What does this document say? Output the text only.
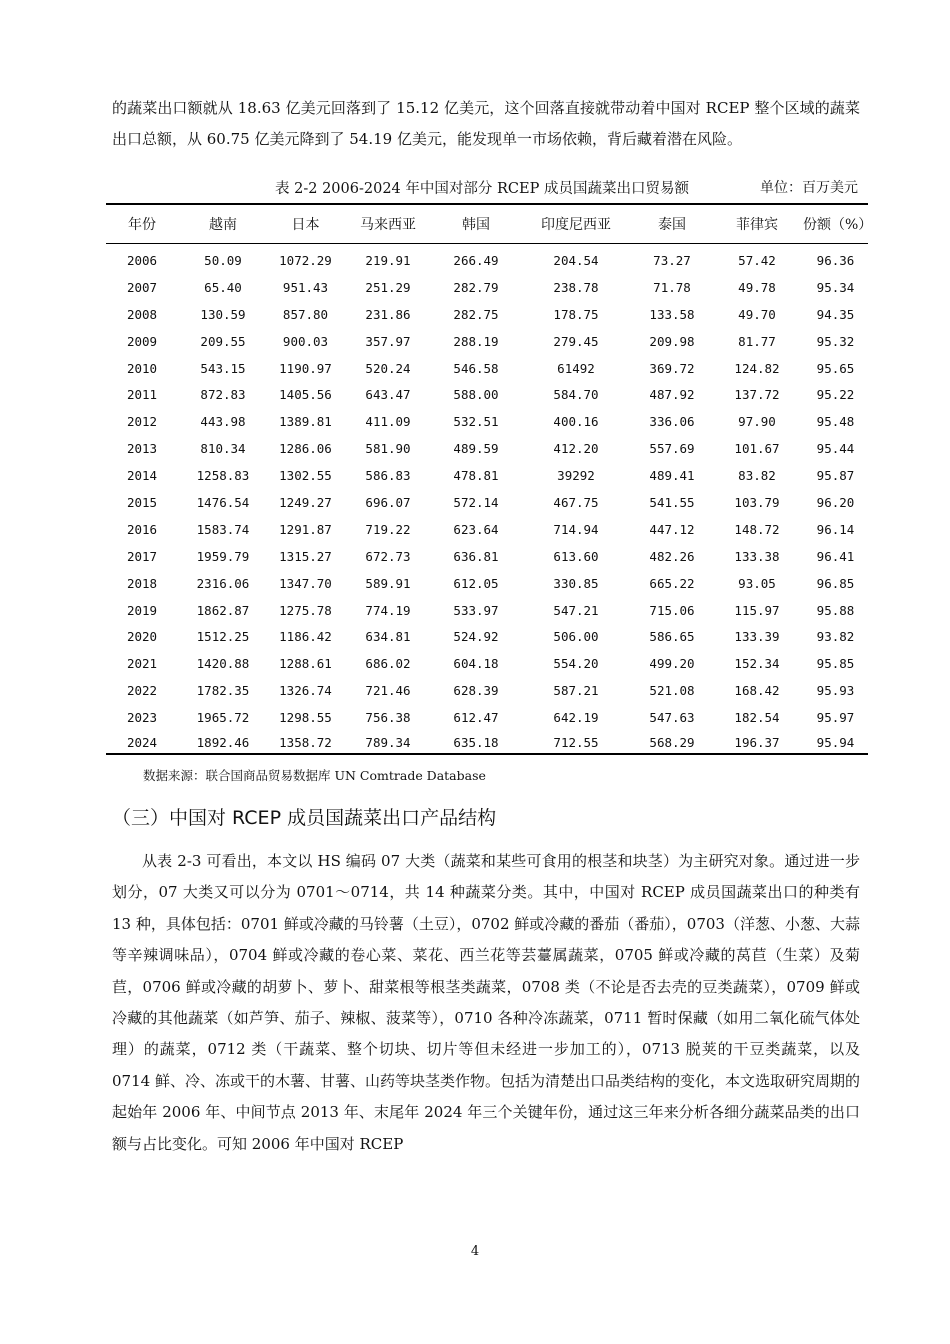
的蔬菜出口额就从 18.63 亿美元回落到了 15.12 亿美元，这个回落直接就带动着中国对 RCEP 整个区域的蔬菜出口总额，从 60.75 亿美元降到了 54.19 亿美元，能发现单一市场依赖，背后藏着潜在风险。

表 2-2 2006-2024 年中国对部分 RCEP 成员国蔬菜出口贸易额	单位：百万美元
年份	越南	日本	马来西亚	韩国	印度尼西亚	泰国	菲律宾	份额（%）
2006	50.09	1072.29	219.91	266.49	204.54	73.27	57.42	96.36
2007	65.40	951.43	251.29	282.79	238.78	71.78	49.78	95.34
2008	130.59	857.80	231.86	282.75	178.75	133.58	49.70	94.35
2009	209.55	900.03	357.97	288.19	279.45	209.98	81.77	95.32
2010	543.15	1190.97	520.24	546.58	61492	369.72	124.82	95.65
2011	872.83	1405.56	643.47	588.00	584.70	487.92	137.72	95.22
2012	443.98	1389.81	411.09	532.51	400.16	336.06	97.90	95.48
2013	810.34	1286.06	581.90	489.59	412.20	557.69	101.67	95.44
2014	1258.83	1302.55	586.83	478.81	39292	489.41	83.82	95.87
2015	1476.54	1249.27	696.07	572.14	467.75	541.55	103.79	96.20
2016	1583.74	1291.87	719.22	623.64	714.94	447.12	148.72	96.14
2017	1959.79	1315.27	672.73	636.81	613.60	482.26	133.38	96.41
2018	2316.06	1347.70	589.91	612.05	330.85	665.22	93.05	96.85
2019	1862.87	1275.78	774.19	533.97	547.21	715.06	115.97	95.88
2020	1512.25	1186.42	634.81	524.92	506.00	586.65	133.39	93.82
2021	1420.88	1288.61	686.02	604.18	554.20	499.20	152.34	95.85
2022	1782.35	1326.74	721.46	628.39	587.21	521.08	168.42	95.93
2023	1965.72	1298.55	756.38	612.47	642.19	547.63	182.54	95.97
2024	1892.46	1358.72	789.34	635.18	712.55	568.29	196.37	95.94
数据来源：联合国商品贸易数据库 UN Comtrade Database
（三）中国对 RCEP 成员国蔬菜出口产品结构

从表 2-3 可看出，本文以 HS 编码 07 大类（蔬菜和某些可食用的根茎和块茎）为主研究对象。通过进一步划分，07 大类又可以分为 0701～0714，共 14 种蔬菜分类。其中，中国对 RCEP 成员国蔬菜出口的种类有 13 种，具体包括：0701 鲜或冷藏的马铃薯（土豆），0702 鲜或冷藏的番茄（番茄），0703（洋葱、小葱、大蒜等辛辣调味品），0704 鲜或冷藏的卷心菜、菜花、西兰花等芸薹属蔬菜，0705 鲜或冷藏的莴苣（生菜）及菊苣，0706 鲜或冷藏的胡萝卜、萝卜、甜菜根等根茎类蔬菜，0708 类（不论是否去壳的豆类蔬菜），0709 鲜或冷藏的其他蔬菜（如芦笋、茄子、辣椒、菠菜等），0710 各种冷冻蔬菜，0711 暂时保藏（如用二氧化硫气体处理）的蔬菜，0712 类（干蔬菜、整个切块、切片等但未经进一步加工的），0713 脱荚的干豆类蔬菜，以及 0714 鲜、冷、冻或干的木薯、甘薯、山药等块茎类作物。包括为清楚出口品类结构的变化，本文选取研究周期的起始年 2006 年、中间节点 2013 年、末尾年 2024 年三个关键年份，通过这三年来分析各细分蔬菜品类的出口额与占比变化。可知 2006 年中国对 RCEP

4
